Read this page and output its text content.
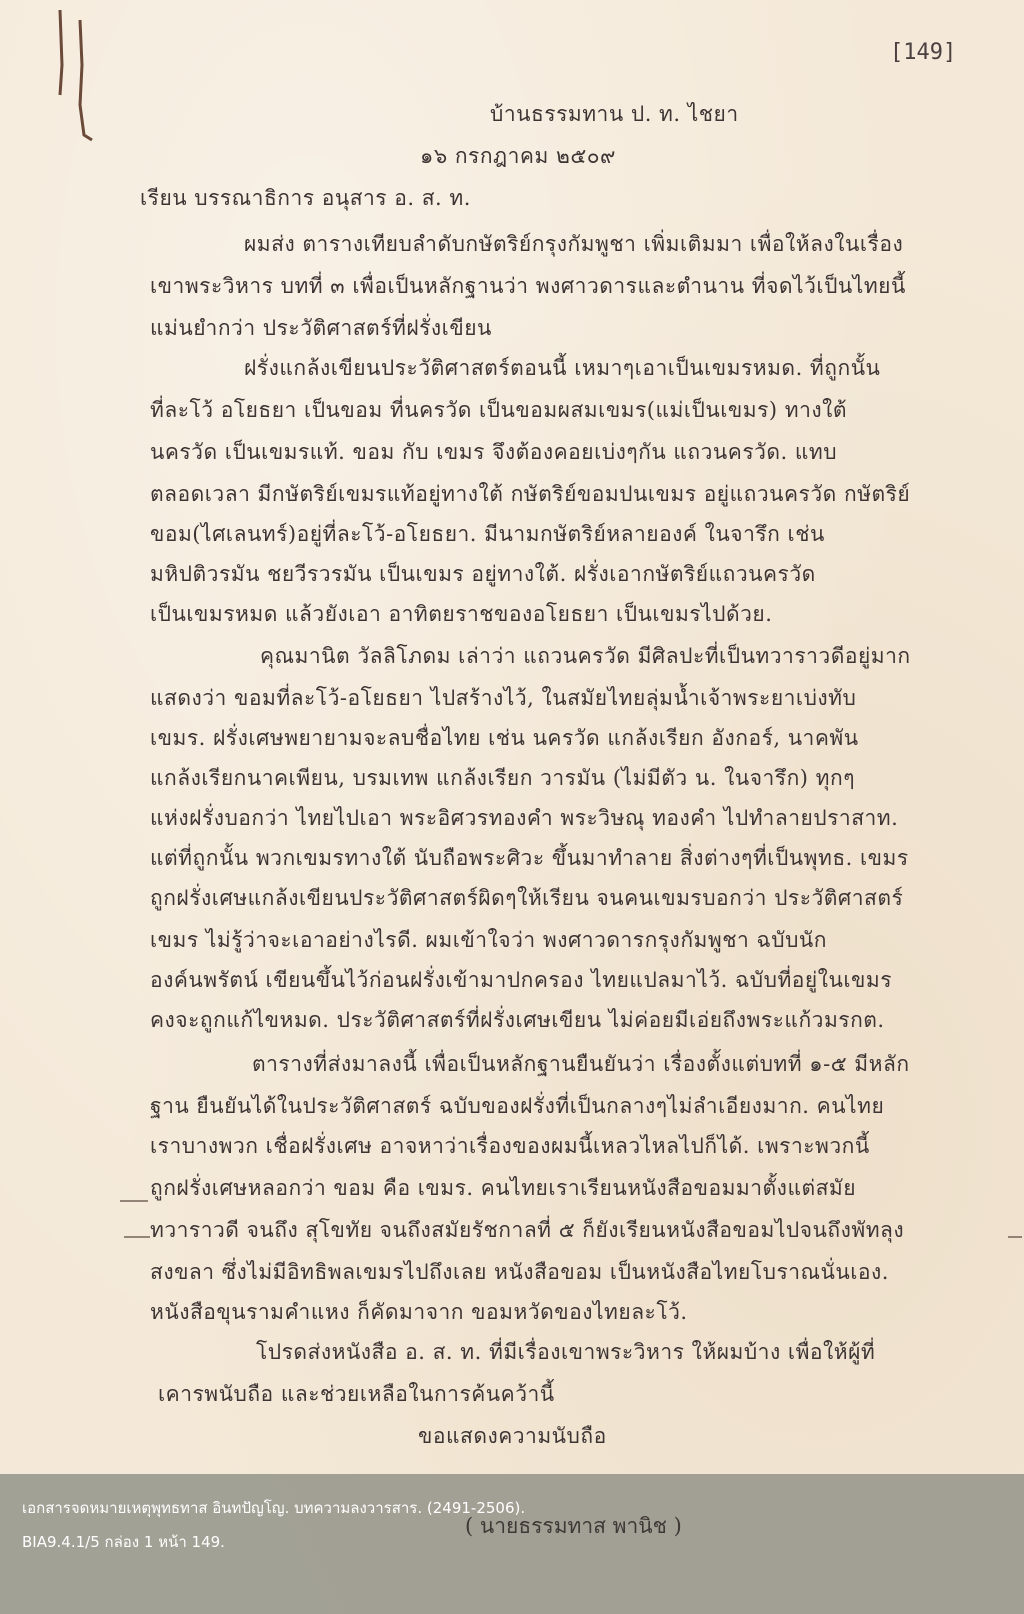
[149]
บ้านธรรมทาน ป. ท. ไชยา
๑๖ กรกฎาคม ๒๕๐๙
เรียน บรรณาธิการ อนุสาร อ. ส. ท.
ผมส่ง ตารางเทียบลำดับกษัตริย์กรุงกัมพูชา เพิ่มเติมมา เพื่อให้ลงในเรื่อง
เขาพระวิหาร บทที่ ๓ เพื่อเป็นหลักฐานว่า พงศาวดารและตำนาน ที่จดไว้เป็นไทยนี้
แม่นยำกว่า ประวัติศาสตร์ที่ฝรั่งเขียน
ฝรั่งแกล้งเขียนประวัติศาสตร์ตอนนี้ เหมาๆเอาเป็นเขมรหมด. ที่ถูกนั้น
ที่ละโว้ อโยธยา เป็นขอม ที่นครวัด เป็นขอมผสมเขมร(แม่เป็นเขมร) ทางใต้
นครวัด เป็นเขมรแท้. ขอม กับ เขมร จึงต้องคอยเบ่งๆกัน แถวนครวัด. แทบ
ตลอดเวลา มีกษัตริย์เขมรแท้อยู่ทางใต้ กษัตริย์ขอมปนเขมร อยู่แถวนครวัด กษัตริย์
ขอม(ไศเลนทร์)อยู่ที่ละโว้-อโยธยา. มีนามกษัตริย์หลายองค์ ในจารึก เช่น
มหิปติวรมัน ชยวีรวรมัน เป็นเขมร อยู่ทางใต้. ฝรั่งเอากษัตริย์แถวนครวัด
เป็นเขมรหมด แล้วยังเอา อาทิตยราชของอโยธยา เป็นเขมรไปด้วย.
คุณมานิต วัลลิโภดม เล่าว่า แถวนครวัด มีศิลปะที่เป็นทวาราวดีอยู่มาก
แสดงว่า ขอมที่ละโว้-อโยธยา ไปสร้างไว้, ในสมัยไทยลุ่มน้ำเจ้าพระยาเบ่งทับ
เขมร. ฝรั่งเศษพยายามจะลบชื่อไทย เช่น นครวัด แกล้งเรียก อังกอร์, นาคพัน
แกล้งเรียกนาคเพียน, บรมเทพ แกล้งเรียก วารมัน (ไม่มีตัว น. ในจารึก) ทุกๆ
แห่งฝรั่งบอกว่า ไทยไปเอา พระอิศวรทองคำ พระวิษณุ ทองคำ ไปทำลายปราสาท.
แต่ที่ถูกนั้น พวกเขมรทางใต้ นับถือพระศิวะ ขึ้นมาทำลาย สิ่งต่างๆที่เป็นพุทธ. เขมร
ถูกฝรั่งเศษแกล้งเขียนประวัติศาสตร์ผิดๆให้เรียน จนคนเขมรบอกว่า ประวัติศาสตร์
เขมร ไม่รู้ว่าจะเอาอย่างไรดี. ผมเข้าใจว่า พงศาวดารกรุงกัมพูชา ฉบับนัก
องค์นพรัตน์ เขียนขึ้นไว้ก่อนฝรั่งเข้ามาปกครอง ไทยแปลมาไว้. ฉบับที่อยู่ในเขมร
คงจะถูกแก้ไขหมด. ประวัติศาสตร์ที่ฝรั่งเศษเขียน ไม่ค่อยมีเอ่ยถึงพระแก้วมรกต.
ตารางที่ส่งมาลงนี้ เพื่อเป็นหลักฐานยืนยันว่า เรื่องตั้งแต่บทที่ ๑-๕ มีหลัก
ฐาน ยืนยันได้ในประวัติศาสตร์ ฉบับของฝรั่งที่เป็นกลางๆไม่ลำเอียงมาก. คนไทย
เราบางพวก เชื่อฝรั่งเศษ อาจหาว่าเรื่องของผมนี้เหลวไหลไปก็ได้. เพราะพวกนี้
ถูกฝรั่งเศษหลอกว่า ขอม คือ เขมร. คนไทยเราเรียนหนังสือขอมมาตั้งแต่สมัย
ทวาราวดี จนถึง สุโขทัย จนถึงสมัยรัชกาลที่ ๕ ก็ยังเรียนหนังสือขอมไปจนถึงพัทลุง
สงขลา ซึ่งไม่มีอิทธิพลเขมรไปถึงเลย หนังสือขอม เป็นหนังสือไทยโบราณนั่นเอง.
หนังสือขุนรามคำแหง ก็คัดมาจาก ขอมหวัดของไทยละโว้.
โปรดส่งหนังสือ อ. ส. ท. ที่มีเรื่องเขาพระวิหาร ให้ผมบ้าง เพื่อให้ผู้ที่
เคารพนับถือ และช่วยเหลือในการค้นคว้านี้
ขอแสดงความนับถือ
เอกสารจดหมายเหตุพุทธทาส อินทปัญโญ. บทความลงวารสาร. (2491-2506).
BIA9.4.1/5 กล่อง 1 หน้า 149.
( นายธรรมทาส พานิช )
